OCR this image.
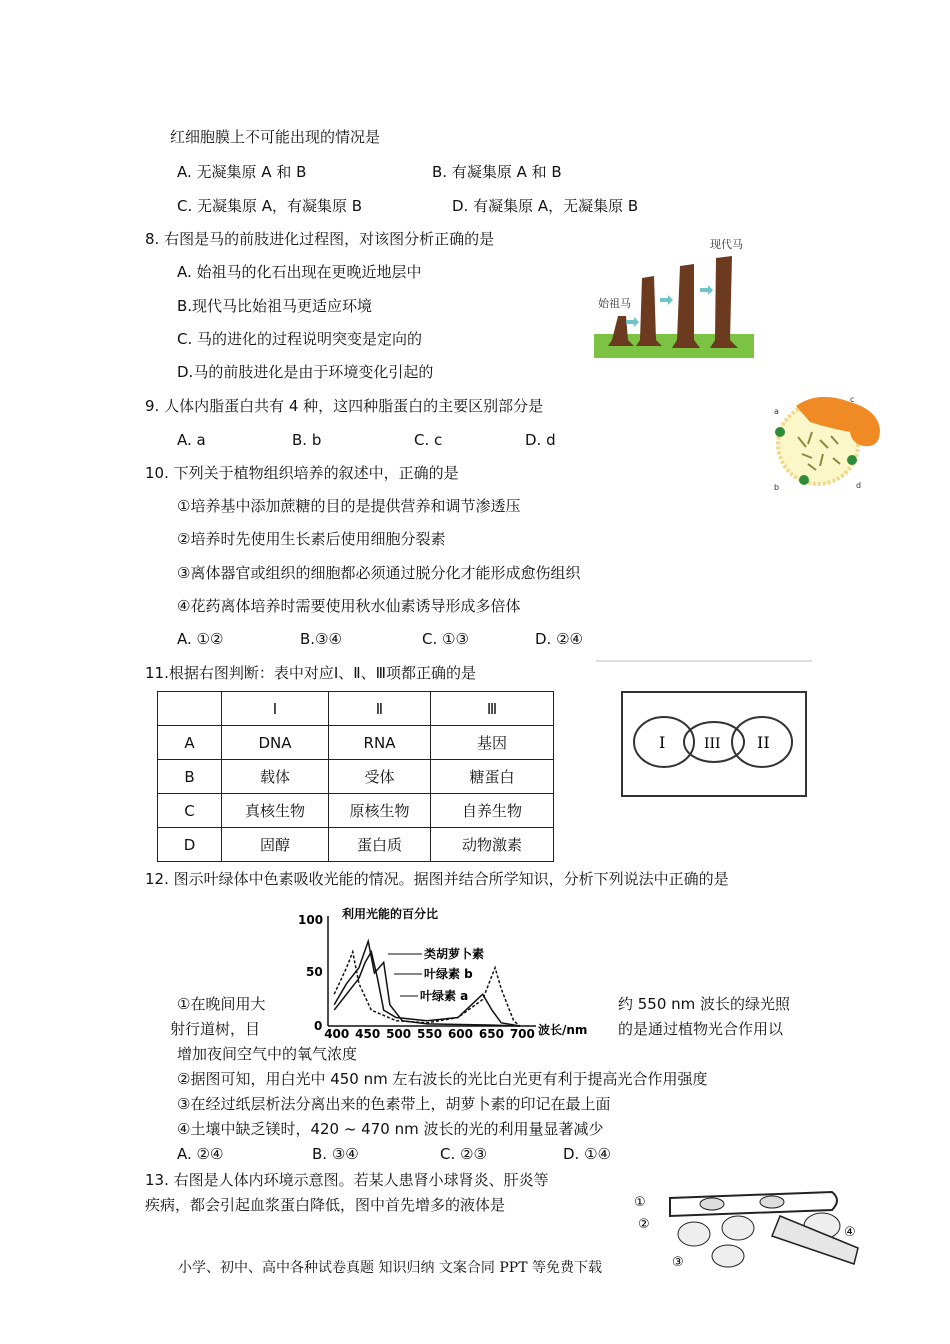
红细胞膜上不可能出现的情况是
A. 无凝集原 A 和 B	B. 有凝集原 A 和 B
C. 无凝集原 A，有凝集原 B	D. 有凝集原 A，无凝集原 B
8. 右图是马的前肢进化过程图，对该图分析正确的是
A. 始祖马的化石出现在更晚近地层中
B.现代马比始祖马更适应环境
C. 马的进化的过程说明突变是定向的
D.马的前肢进化是由于环境变化引起的
始祖马
现代马
9. 人体内脂蛋白共有 4 种，这四种脂蛋白的主要区别部分是
A. a	B. b	C. c	D. d
a
b
c
d
10. 下列关于植物组织培养的叙述中，正确的是
①培养基中添加蔗糖的目的是提供营养和调节渗透压
②培养时先使用生长素后使用细胞分裂素
③离体器官或组织的细胞都必须通过脱分化才能形成愈伤组织
④花药离体培养时需要使用秋水仙素诱导形成多倍体
A. ①②	B.③④	C. ①③	D. ②④
11.根据右图判断：表中对应Ⅰ、Ⅱ、Ⅲ项都正确的是
	Ⅰ	Ⅱ	Ⅲ
A	DNA	RNA	基因
B	载体	受体	糖蛋白
C	真核生物	原核生物	自养生物
D	固醇	蛋白质	动物激素
I	III II
12. 图示叶绿体中色素吸收光能的情况。据图并结合所学知识，分析下列说法中正确的是
利用光能的百分比
100
50
0
400 450 500 550 600 650 700 波长/nm
类胡萝卜素
叶绿素 b
叶绿素 a
①在晚间用大	约 550 nm 波长的绿光照
射行道树，目	的是通过植物光合作用以
增加夜间空气中的氧气浓度
②据图可知，用白光中 450 nm 左右波长的光比白光更有利于提高光合作用强度
③在经过纸层析法分离出来的色素带上，胡萝卜素的印记在最上面
④土壤中缺乏镁时，420 ~ 470 nm 波长的光的利用量显著减少
A. ②④	B. ③④	C. ②③	D. ①④
13. 右图是人体内环境示意图。若某人患肾小球肾炎、肝炎等
疾病，都会引起血浆蛋白降低，图中首先增多的液体是	①
②
③
④
小学、初中、高中各种试卷真题 知识归纳 文案合同 PPT 等免费下载
